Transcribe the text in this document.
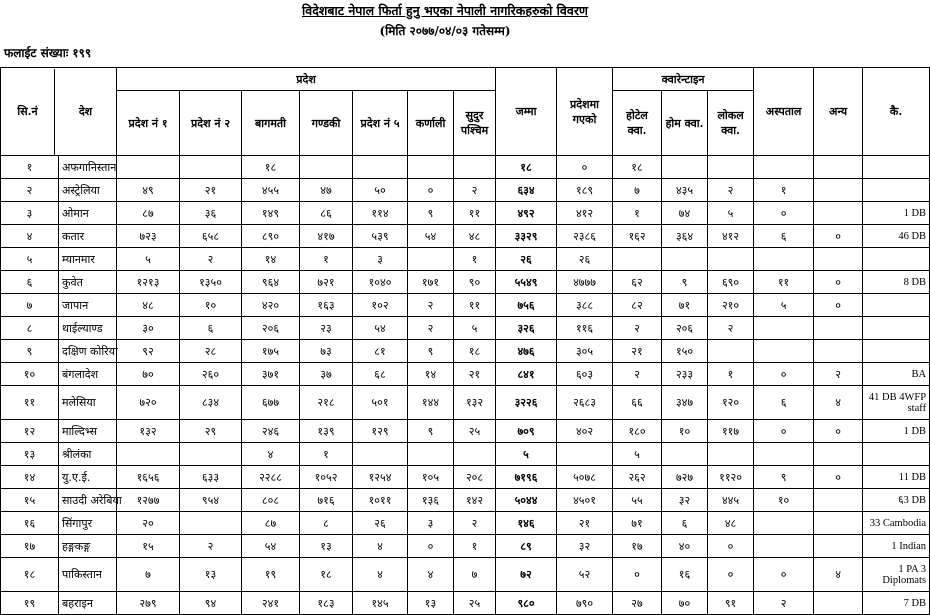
विदेशबाट नेपाल फिर्ता हुनु भएका नेपाली नागरिकहरुको विवरण
(मिति २०७७/०४/०३ गतेसम्म)
फलाईट संख्याः १९९
सि.नं देश		प्रदेश							जम्मा	प्रदेशमा गएको	क्वारेन्टाइन			अस्पताल	अन्य	कै.
		प्रदेश नं १	प्रदेश नं २	बागमती	गण्डकी	प्रदेश नं ५	कर्णाली	सुदुर पश्चिम			होटेल क्वा.	होम क्वा.	लोकल क्वा.			
१	अफगानिस्तान			१८					१८	०	१८					
२	अस्ट्रेलिया	४९	२१	४५५	४७	५०	०	२	६३४	१८९	७	४३५	२	१		
३	ओमान	८७	३६	१४९	८६	११४	९	११	४९२	४१२	१	७४	५	०		1 DB
४	कतार	७२३	६५८	८९०	४१७	५३९	५४	४८	३३२९	२३८६	१६२	३६४	४१२	६	०	46 DB
५	म्यानमार	५	२	१४	१	३		१	२६	२६						
६	कुवेत	१२१३	१३५०	९६४	७२१	१०४०	१७१	९०	५५४९	४७७७	६२	९	६९०	११	०	8 DB
७	जापान	४८	१०	४२०	१६३	१०२	२	११	७५६	३८८	८२	७१	२१०	५	०	
८	थाईल्याण्ड	३०	६	२०६	२३	५४	२	५	३२६	११६	२	२०६	२			
९	दक्षिण कोरिया	९२	२८	१७५	७३	८१	९	१८	४७६	३०५	२१	१५०				
१०	बंगलादेश	७०	२६०	३७१	३७	६८	१४	२१	८४१	६०३	२	२३३	१	०	२	BA
११	मलेसिया	७२०	८३४	६७७	२१८	५०१	१४४	१३२	३२२६	२६८३	६६	३४७	१२०	६	४	41 DB 4WFP staff
१२	माल्दिभ्स	१३२	२९	२४६	१३९	१२९	९	२५	७०९	४०२	१८०	१०	११७	०	०	1 DB
१३	श्रीलंका			४	१				५		५					
१४	यु.ए.ई.	१६५६	६३३	२२८८	१०५२	१२५४	१०५	२०८	७१९६	५०७८	२६२	७२७	११२०	९	०	11 DB
१५	साउदी अरेबिया	१२७७	९५४	८०८	७१६	१०११	१३६	१४२	५०४४	४५०१	५५	३२	४४५	१०		६3 DB
१६	सिंगापुर	२०		८७	८	२६	३	२	१४६	२१	७१	६	४८			33 Cambodia
१७	हङ्गकङ्ग	१५	२	५४	१३	४	०	१	८९	३२	१७	४०	०			1 Indian
१८	पाकिस्तान	७	१३	१९	१८	४	४	७	७२	५२	०	१६	०	०	४	1 PA 3 Diplomats
१९	बहराइन	२७९	९४	२४१	१८३	१४५	१३	२५	९८०	७९०	२७	७०	९१	२		7 DB
